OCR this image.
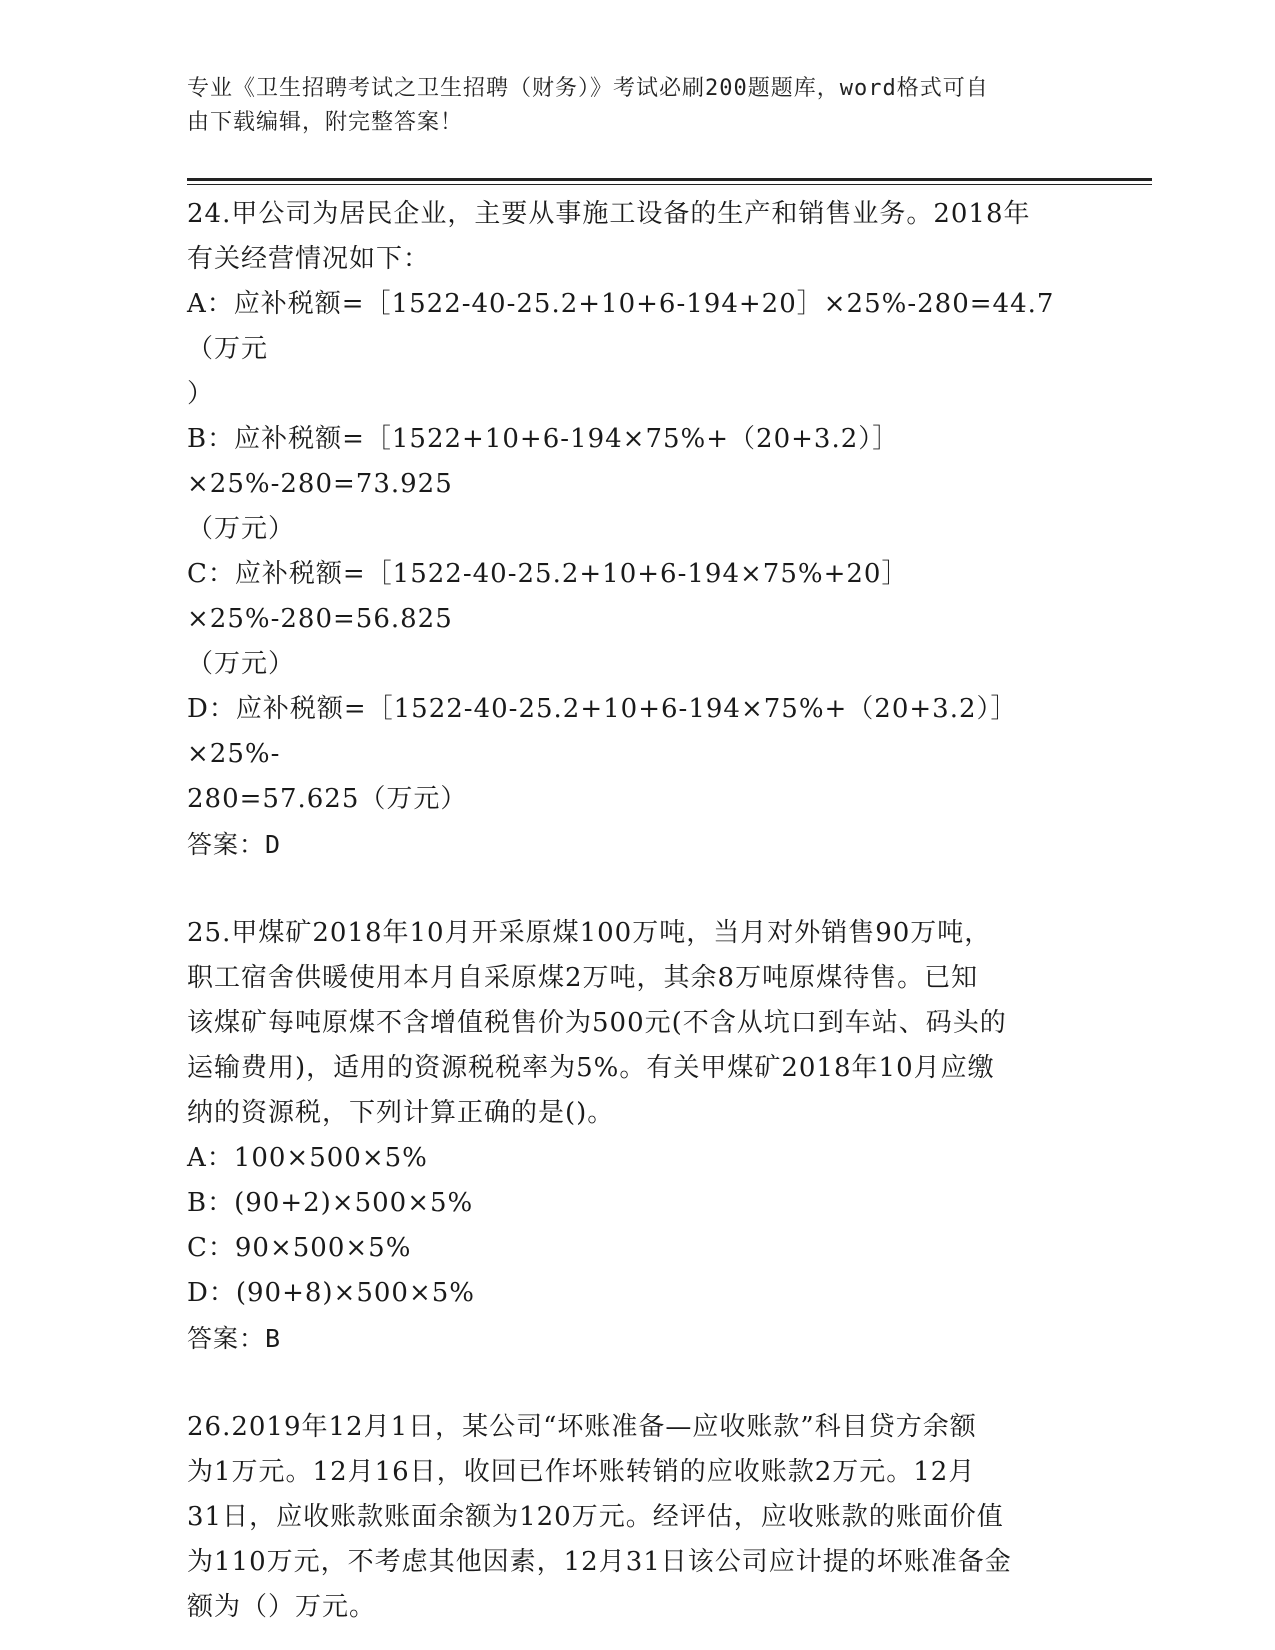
专业《卫生招聘考试之卫生招聘（财务）》考试必刷200题题库，word格式可自
由下载编辑，附完整答案！
24.甲公司为居民企业，主要从事施工设备的生产和销售业务。2018年
有关经营情况如下：
A：应补税额=［1522-40-25.2+10+6-194+20］×25%-280=44.7（万元
）
B：应补税额=［1522+10+6-194×75%+（20+3.2）］×25%-280=73.925
（万元）
C：应补税额=［1522-40-25.2+10+6-194×75%+20］×25%-280=56.825
（万元）
D：应补税额=［1522-40-25.2+10+6-194×75%+（20+3.2）］×25%-
280=57.625（万元）
答案：D
25.甲煤矿2018年10月开采原煤100万吨，当月对外销售90万吨，
职工宿舍供暖使用本月自采原煤2万吨，其余8万吨原煤待售。已知
该煤矿每吨原煤不含增值税售价为500元(不含从坑口到车站、码头的
运输费用)，适用的资源税税率为5%。有关甲煤矿2018年10月应缴
纳的资源税，下列计算正确的是()。
A：100×500×5%
B：(90+2)×500×5%
C：90×500×5%
D：(90+8)×500×5%
答案：B
26.2019年12月1日，某公司“坏账准备—应收账款”科目贷方余额
为1万元。12月16日，收回已作坏账转销的应收账款2万元。12月
31日，应收账款账面余额为120万元。经评估，应收账款的账面价值
为110万元，不考虑其他因素，12月31日该公司应计提的坏账准备金
额为（）万元。
